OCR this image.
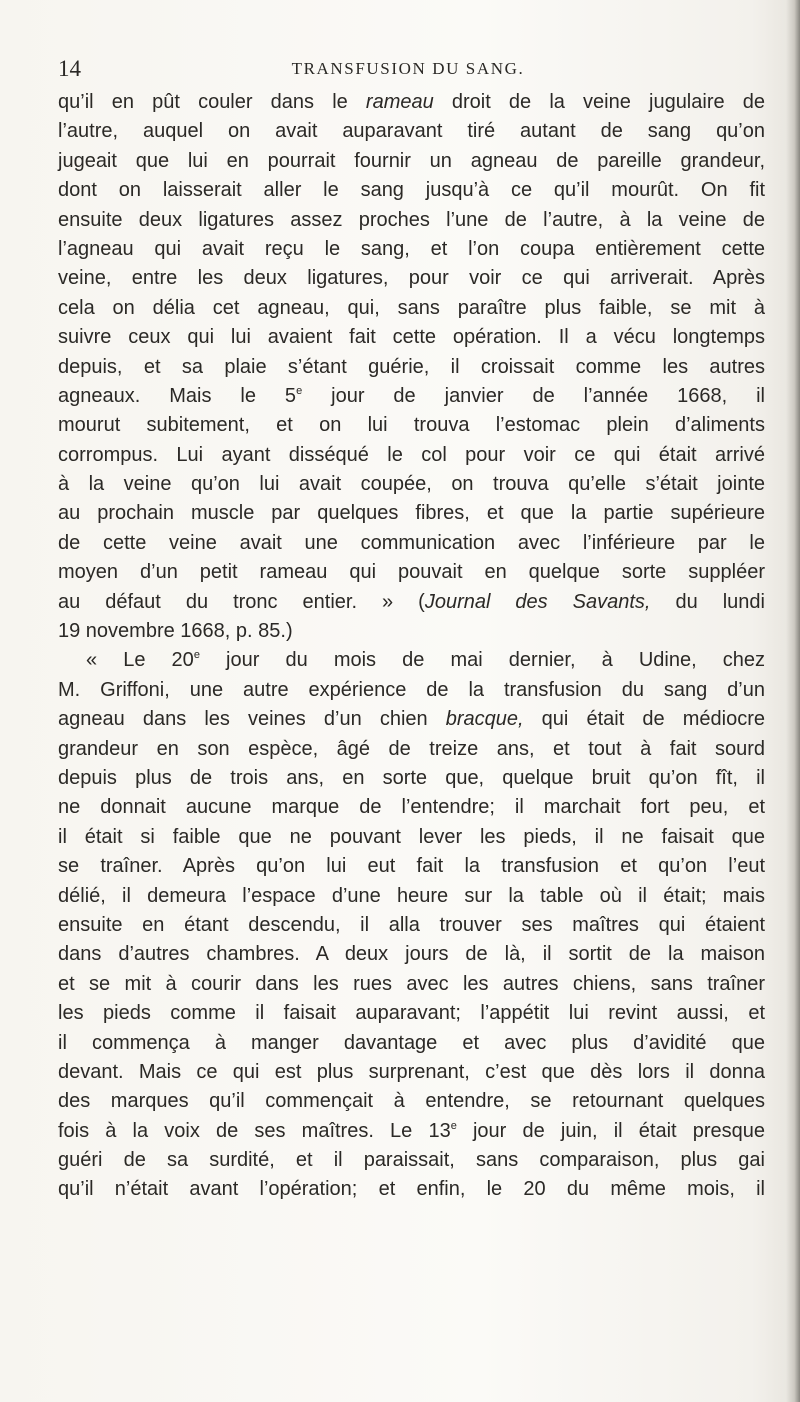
14	TRANSFUSION DU SANG.
qu’il en pût couler dans le rameau droit de la veine jugulaire de
l’autre, auquel on avait auparavant tiré autant de sang qu’on
jugeait que lui en pourrait fournir un agneau de pareille grandeur,
dont on laisserait aller le sang jusqu’à ce qu’il mourût. On fit
ensuite deux ligatures assez proches l’une de l’autre, à la veine de
l’agneau qui avait reçu le sang, et l’on coupa entièrement cette
veine, entre les deux ligatures, pour voir ce qui arriverait. Après
cela on délia cet agneau, qui, sans paraître plus faible, se mit à
suivre ceux qui lui avaient fait cette opération. Il a vécu longtemps
depuis, et sa plaie s’étant guérie, il croissait comme les autres
agneaux. Mais le 5e jour de janvier de l’année 1668, il
mourut subitement, et on lui trouva l’estomac plein d’aliments
corrompus. Lui ayant disséqué le col pour voir ce qui était arrivé
à la veine qu’on lui avait coupée, on trouva qu’elle s’était jointe
au prochain muscle par quelques fibres, et que la partie supérieure
de cette veine avait une communication avec l’inférieure par le
moyen d’un petit rameau qui pouvait en quelque sorte suppléer
au défaut du tronc entier. » (Journal des Savants, du lundi
19 novembre 1668, p. 85.)
« Le 20e jour du mois de mai dernier, à Udine, chez
M. Griffoni, une autre expérience de la transfusion du sang d’un
agneau dans les veines d’un chien bracque, qui était de médiocre
grandeur en son espèce, âgé de treize ans, et tout à fait sourd
depuis plus de trois ans, en sorte que, quelque bruit qu’on fît, il
ne donnait aucune marque de l’entendre; il marchait fort peu, et
il était si faible que ne pouvant lever les pieds, il ne faisait que
se traîner. Après qu’on lui eut fait la transfusion et qu’on l’eut
délié, il demeura l’espace d’une heure sur la table où il était; mais
ensuite en étant descendu, il alla trouver ses maîtres qui étaient
dans d’autres chambres. A deux jours de là, il sortit de la maison
et se mit à courir dans les rues avec les autres chiens, sans traîner
les pieds comme il faisait auparavant; l’appétit lui revint aussi, et
il commença à manger davantage et avec plus d’avidité que
devant. Mais ce qui est plus surprenant, c’est que dès lors il donna
des marques qu’il commençait à entendre, se retournant quelques
fois à la voix de ses maîtres. Le 13e jour de juin, il était presque
guéri de sa surdité, et il paraissait, sans comparaison, plus gai
qu’il n’était avant l’opération; et enfin, le 20 du même mois, il
